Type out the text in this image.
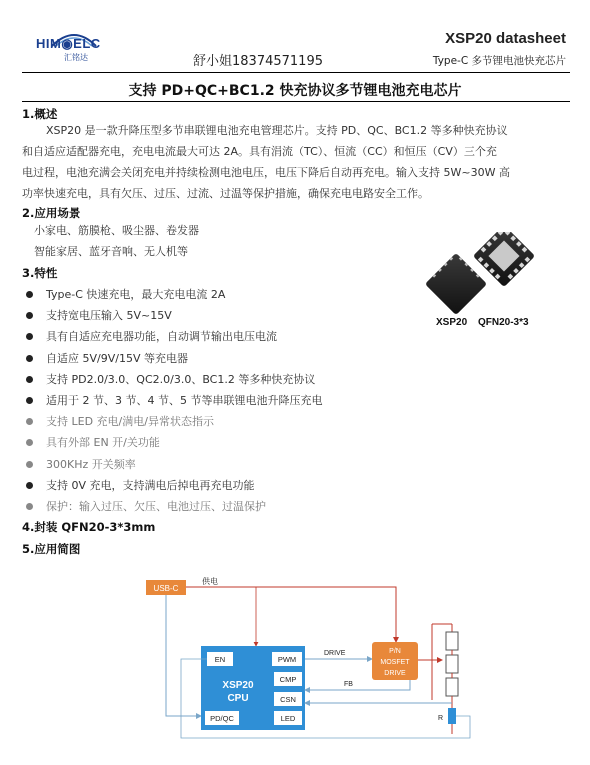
HIM◉ELC
汇铭达	舒小姐18374571195
XSP20 datasheet
Type-C 多节锂电池快充芯片
支持 PD+QC+BC1.2 快充协议多节锂电池充电芯片
1.概述

XSP20 是一款升降压型多节串联锂电池充电管理芯片。支持 PD、QC、BC1.2 等多种快充协议

和自适应适配器充电，充电电流最大可达 2A。具有涓流（TC）、恒流（CC）和恒压（CV）三个充

电过程，电池充满会关闭充电并持续检测电池电压，电压下降后自动再充电。输入支持 5W~30W 高

功率快速充电，具有欠压、过压、过流、过温等保护措施，确保充电电路安全工作。

2.应用场景
小家电、筋膜枪、吸尘器、卷发器
智能家居、蓝牙音响、无人机等
3.特性
Type-C 快速充电，最大充电电流 2A
支持宽电压输入 5V~15V
具有自适应充电器功能，自动调节输出电压电流
自适应 5V/9V/15V 等充电器
支持 PD2.0/3.0、QC2.0/3.0、BC1.2 等多种快充协议
适用于 2 节、3 节、4 节、5 节等串联锂电池升降压充电
支持 LED 充电/满电/异常状态指示
具有外部 EN 开/关功能
300KHz 开关频率
支持 0V 充电，支持满电后掉电再充电功能
保护：输入过压、欠压、电池过压、过温保护
XSP20 QFN20-3*3
4.封装 QFN20-3*3mm
5.应用简图
USB-C
供电
XSP20
CPU
EN	PWM
CMP
CSN
PD/QC	LED
DRIVE
FB
P/N
MOSFET
DRIVE
R
